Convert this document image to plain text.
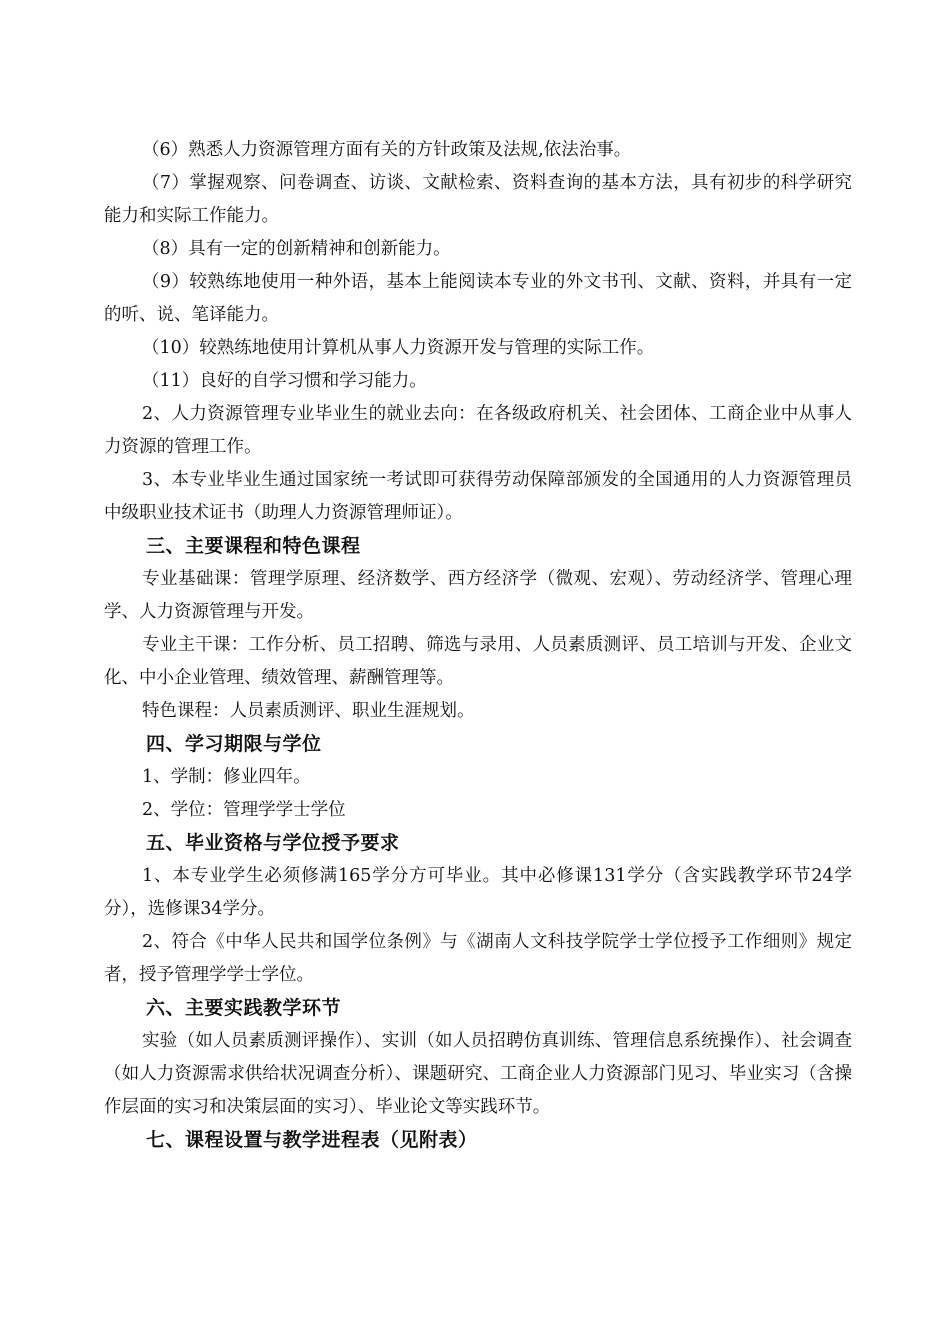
（6）熟悉人力资源管理方面有关的方针政策及法规,依法治事。

（7）掌握观察、问卷调查、访谈、文献检索、资料查询的基本方法，具有初步的科学研究能力和实际工作能力。

（8）具有一定的创新精神和创新能力。

（9）较熟练地使用一种外语，基本上能阅读本专业的外文书刊、文献、资料，并具有一定的听、说、笔译能力。

（10）较熟练地使用计算机从事人力资源开发与管理的实际工作。
（11）良好的自学习惯和学习能力。

2、人力资源管理专业毕业生的就业去向：在各级政府机关、社会团体、工商企业中从事人力资源的管理工作。

3、本专业毕业生通过国家统一考试即可获得劳动保障部颁发的全国通用的人力资源管理员中级职业技术证书（助理人力资源管理师证）。

三、主要课程和特色课程

专业基础课：管理学原理、经济数学、西方经济学（微观、宏观）、劳动经济学、管理心理学、人力资源管理与开发。

专业主干课：工作分析、员工招聘、筛选与录用、人员素质测评、员工培训与开发、企业文化、中小企业管理、绩效管理、薪酬管理等。

特色课程：人员素质测评、职业生涯规划。
四、学习期限与学位
1、学制：修业四年。
2、学位：管理学学士学位
五、毕业资格与学位授予要求

1、本专业学生必须修满165学分方可毕业。其中必修课131学分（含实践教学环节24学分），选修课34学分。

2、符合《中华人民共和国学位条例》与《湖南人文科技学院学士学位授予工作细则》规定者，授予管理学学士学位。

六、主要实践教学环节

实验（如人员素质测评操作）、实训（如人员招聘仿真训练、管理信息系统操作）、社会调查（如人力资源需求供给状况调查分析）、课题研究、工商企业人力资源部门见习、毕业实习（含操作层面的实习和决策层面的实习）、毕业论文等实践环节。

七、课程设置与教学进程表（见附表）
